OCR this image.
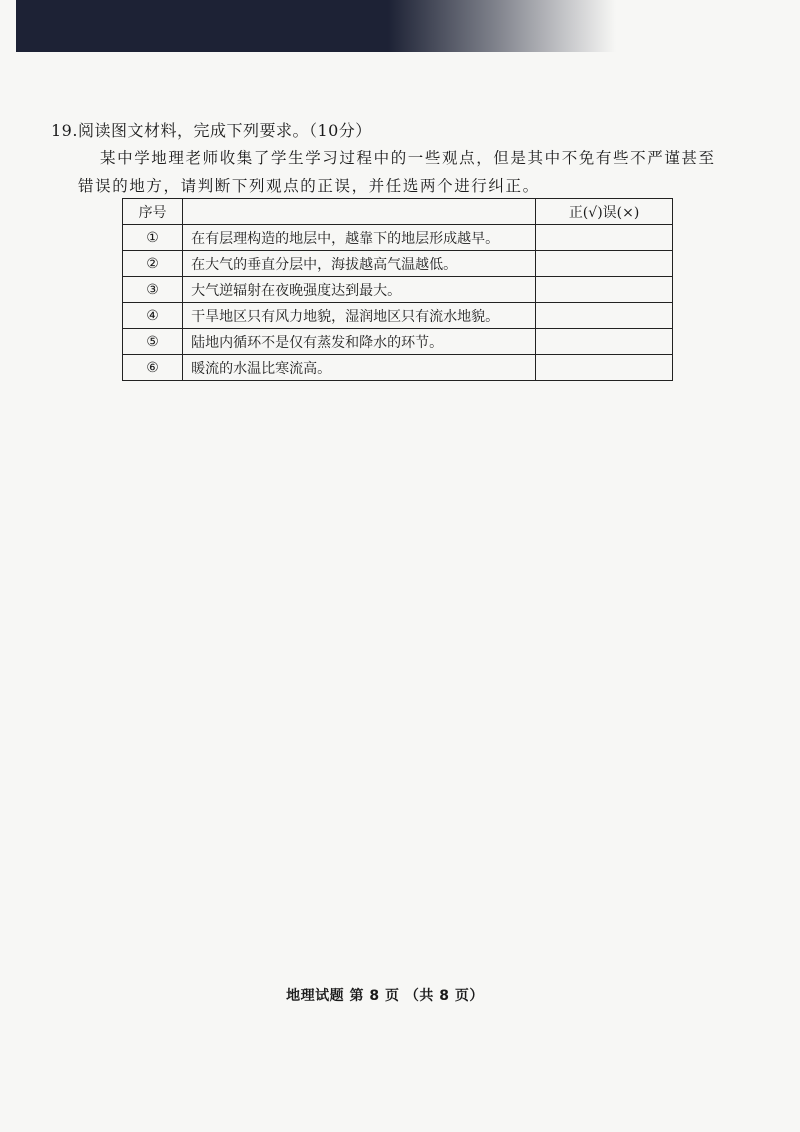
19.阅读图文材料，完成下列要求。（10分）
某中学地理老师收集了学生学习过程中的一些观点，但是其中不免有些不严谨甚至错误的地方，请判断下列观点的正误，并任选两个进行纠正。
序号		正(√)误(×)
①	在有层理构造的地层中，越靠下的地层形成越早。	
②	在大气的垂直分层中，海拔越高气温越低。	
③	大气逆辐射在夜晚强度达到最大。	
④	干旱地区只有风力地貌，湿润地区只有流水地貌。	
⑤	陆地内循环不是仅有蒸发和降水的环节。	
⑥	暖流的水温比寒流高。	
地理试题 第 8 页 （共 8 页）
